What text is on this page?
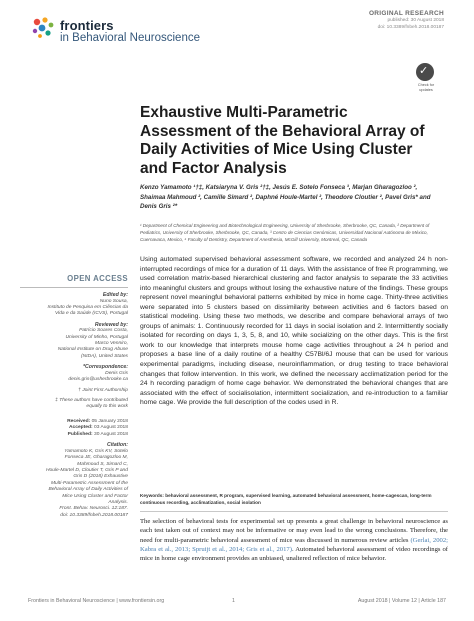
frontiers
in Behavioral Neuroscience
ORIGINAL RESEARCH
published: 30 August 2018
doi: 10.3389/fnbeh.2018.00187
✓
Check for updates
Exhaustive Multi-Parametric Assessment of the Behavioral Array of Daily Activities of Mice Using Cluster and Factor Analysis
Kenzo Yamamoto ¹†‡, Katsiaryna V. Gris ²†‡, Jesús E. Sotelo Fonseca ³, Marjan Gharagozloo ², Shaimaa Mahmoud ², Camille Simard ², Daphné Houle-Martel ², Theodore Cloutier ², Pavel Gris* and Denis Gris ²*
¹ Department of Chemical Engineering and Biotechnological Engineering, University of Sherbrooke, Sherbrooke, QC, Canada, ² Department of Pediatrics, University of Sherbrooke, Sherbrooke, QC, Canada, ³ Centro de Ciencias Genómicas, Universidad Nacional Autónoma de México, Cuernavaca, Mexico, ⁴ Faculty of Dentistry, Department of Anesthesia, McGill University, Montreal, QC, Canada
OPEN ACCESS
Edited by:
Nuno Sousa,
Instituto de Pesquisa em Ciências da
Vida e da Saúde (ICVS), Portugal
Reviewed by:
Patrício Soares Costa,
University of Minho, Portugal
Marco Venniro,
National Institute on Drug Abuse
(NIDA), United States
*Correspondence:
Denis Gris
denis.gris@usherbrooke.ca
† Joint First Authorship
‡ These authors have contributed
equally to this work
Received: 05 January 2018
Accepted: 03 August 2018
Published: 30 August 2018
Citation:
Yamamoto K, Gris KV, Sotelo
Fonseca JE, Gharagozloo M,
Mahmoud S, Simard C,
Houle-Martel D, Cloutier T, Gris P and
Gris D (2018) Exhaustive
Multi-Parametric Assessment of the
Behavioral Array of Daily Activities of
Mice Using Cluster and Factor
Analysis.
Front. Behav. Neurosci. 12:187.
doi: 10.3389/fnbeh.2018.00187
Using automated supervised behavioral assessment software, we recorded and analyzed 24 h non-interrupted recordings of mice for a duration of 11 days. With the assistance of free R programming, we used correlation matrix-based hierarchical clustering and factor analysis to separate the 33 activities into meaningful clusters and groups without losing the exhaustive nature of the findings. These groups represent novel meaningful behavioral patterns exhibited by mice in home cage. Thirty-three activities were separated into 5 clusters based on dissimilarity between activities and 6 factors based on statistical modeling. Using these two methods, we describe and compare behavioral arrays of two groups of animals: 1. Continuously recorded for 11 days in social isolation and 2. Intermittently socially isolated for recording on days 1, 3, 5, 8, and 10, while socializing on the other days. This is the first work to our knowledge that interprets mouse home cage activities throughout a 24 h period and proposes a base line of a daily routine of a healthy C57Bl/6J mouse that can be used for various experimental paradigms, including disease, neuroinflammation, or drug testing to trace behavioral changes that follow intervention. In this work, we defined the necessary acclimatization period for the 24 h recording paradigm of home cage behavior. We demonstrated the behavioral changes that are associated with the effect of socialisolation, intermittent socialization, and re-introduction to a familiar home cage. We provide the full description of the codes used in R.
Keywords: behavioral assessment, R program, supervised learning, automated behavioral assessment, home-cagescan, long-term continuous recording, acclimatization, social isolation
The selection of behavioral tests for experimental set up presents a great challenge in behavioral neuroscience as each test taken out of context may not be informative or may even lead to the wrong conclusions. Therefore, the need for multi-parametric behavioral assessment of mice was discussed in numerous review articles (Gerlai, 2002; Kabra et al., 2013; Spruijt et al., 2014; Gris et al., 2017). Automated behavioral assessment of video recordings of mice in home cage environment provides an unbiased, unaltered reflection of mice behavior.
Frontiers in Behavioral Neuroscience | www.frontiersin.org	1	August 2018 | Volume 12 | Article 187
